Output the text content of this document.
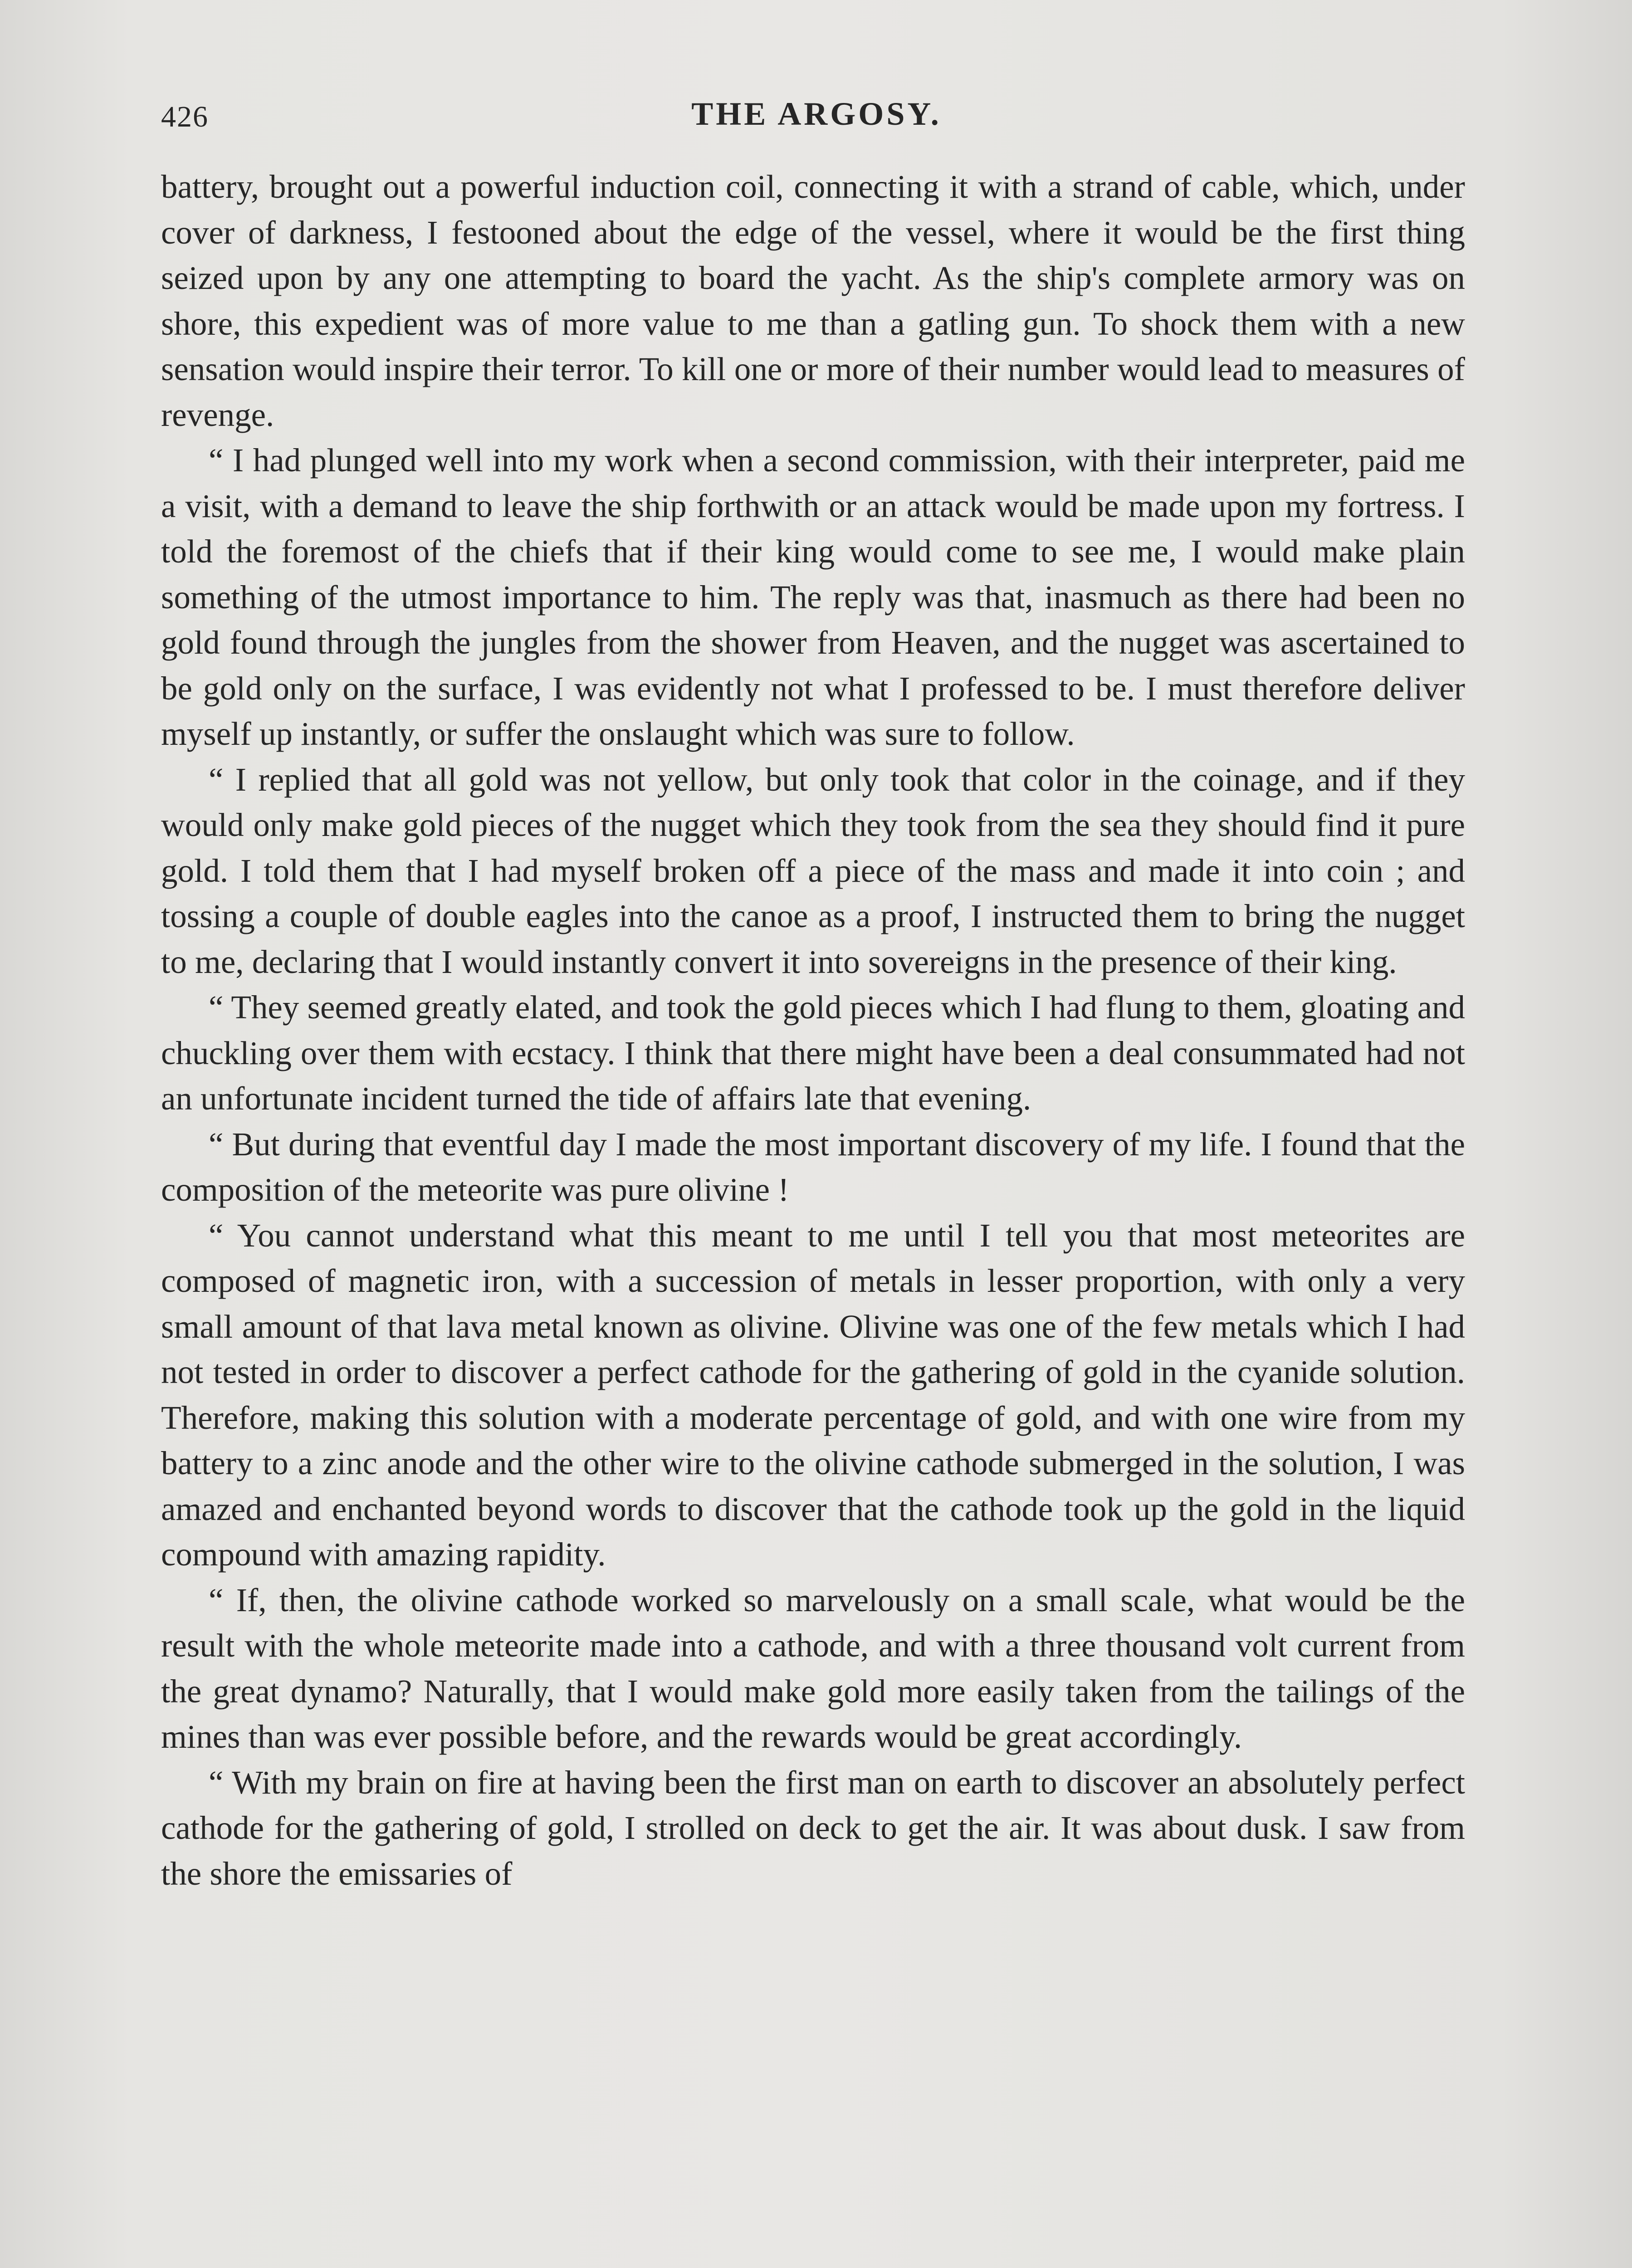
426	THE ARGOSY.

battery, brought out a powerful induction coil, connecting it with a strand of cable, which, under cover of darkness, I festooned about the edge of the vessel, where it would be the first thing seized upon by any one attempting to board the yacht. As the ship's complete armory was on shore, this expedient was of more value to me than a gatling gun. To shock them with a new sensation would inspire their terror. To kill one or more of their number would lead to measures of revenge.

“ I had plunged well into my work when a second commission, with their interpreter, paid me a visit, with a demand to leave the ship forthwith or an attack would be made upon my fortress. I told the foremost of the chiefs that if their king would come to see me, I would make plain something of the utmost importance to him. The reply was that, inasmuch as there had been no gold found through the jungles from the shower from Heaven, and the nugget was ascertained to be gold only on the surface, I was evidently not what I professed to be. I must therefore deliver myself up instantly, or suffer the onslaught which was sure to follow.

“ I replied that all gold was not yellow, but only took that color in the coinage, and if they would only make gold pieces of the nugget which they took from the sea they should find it pure gold. I told them that I had myself broken off a piece of the mass and made it into coin ; and tossing a couple of double eagles into the canoe as a proof, I instructed them to bring the nugget to me, declaring that I would instantly convert it into sovereigns in the presence of their king.

“ They seemed greatly elated, and took the gold pieces which I had flung to them, gloating and chuckling over them with ecstacy. I think that there might have been a deal consummated had not an unfortunate incident turned the tide of affairs late that evening.

“ But during that eventful day I made the most important discovery of my life. I found that the composition of the meteorite was pure olivine !

“ You cannot understand what this meant to me until I tell you that most meteorites are composed of magnetic iron, with a succession of metals in lesser proportion, with only a very small amount of that lava metal known as olivine. Olivine was one of the few metals which I had not tested in order to discover a perfect cathode for the gathering of gold in the cyanide solution. Therefore, making this solution with a moderate percentage of gold, and with one wire from my battery to a zinc anode and the other wire to the olivine cathode submerged in the solution, I was amazed and enchanted beyond words to discover that the cathode took up the gold in the liquid compound with amazing rapidity.

“ If, then, the olivine cathode worked so marvelously on a small scale, what would be the result with the whole meteorite made into a cathode, and with a three thousand volt current from the great dynamo? Naturally, that I would make gold more easily taken from the tailings of the mines than was ever possible before, and the rewards would be great accordingly.

“ With my brain on fire at having been the first man on earth to discover an absolutely perfect cathode for the gathering of gold, I strolled on deck to get the air. It was about dusk. I saw from the shore the emissaries of
